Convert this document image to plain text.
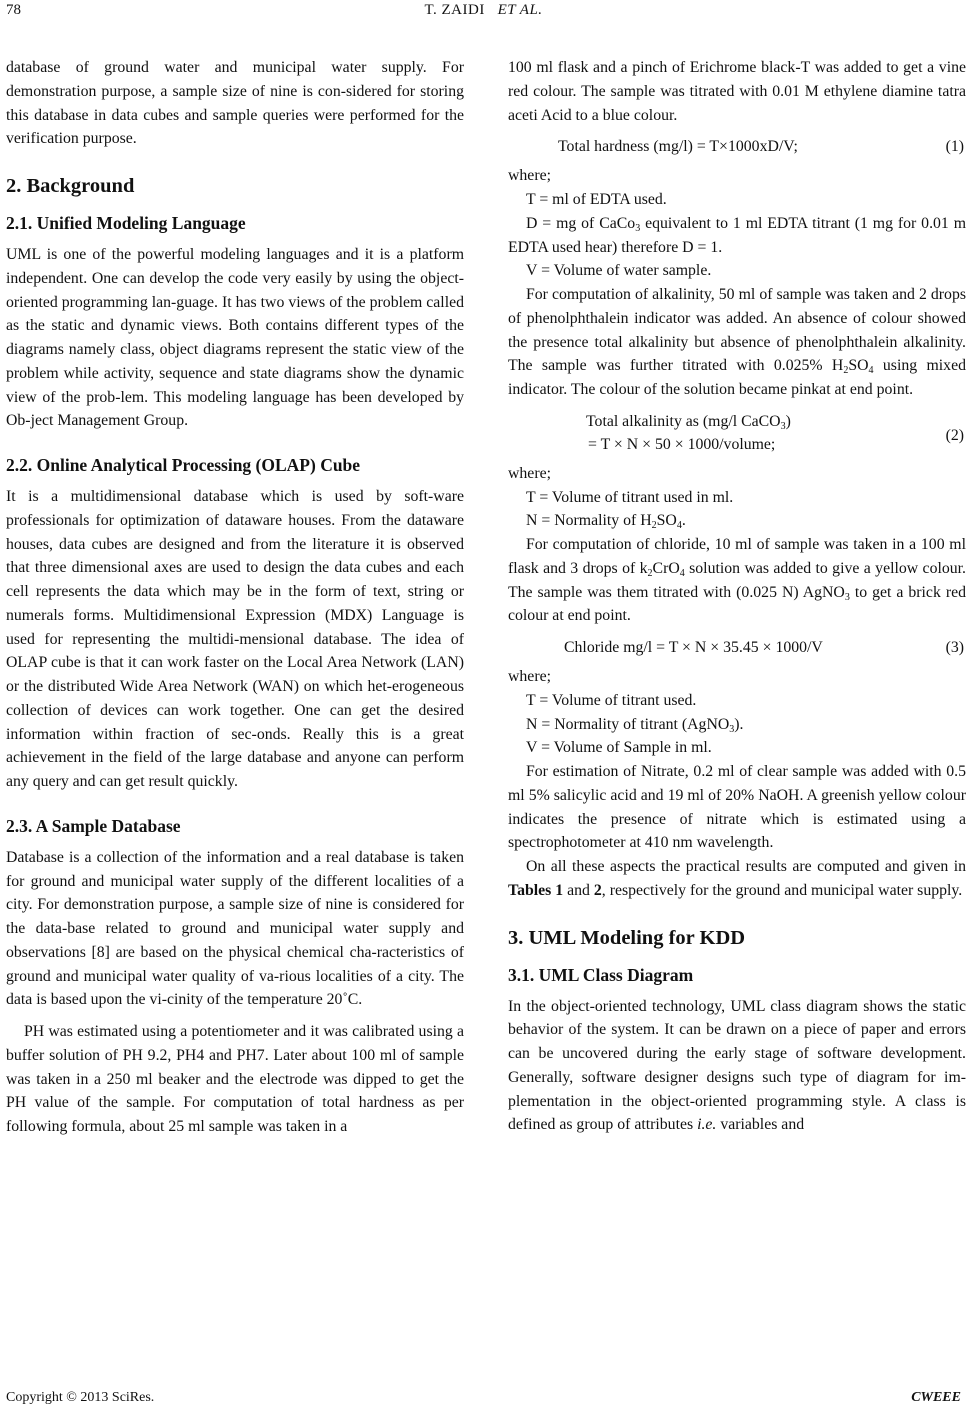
78	T. ZAIDI ET AL.

database of ground water and municipal water supply. For demonstration purpose, a sample size of nine is con-sidered for storing this database in data cubes and sample queries were performed for the verification purpose.

2. Background
2.1. Unified Modeling Language

UML is one of the powerful modeling languages and it is a platform independent. One can develop the code very easily by using the object-oriented programming lan-guage. It has two views of the problem called as the static and dynamic views. Both contains different types of the diagrams namely class, object diagrams represent the static view of the problem while activity, sequence and state diagrams show the dynamic view of the prob-lem. This modeling language has been developed by Ob-ject Management Group.

2.2. Online Analytical Processing (OLAP) Cube

It is a multidimensional database which is used by soft-ware professionals for optimization of dataware houses. From the dataware houses, data cubes are designed and from the literature it is observed that three dimensional axes are used to design the data cubes and each cell represents the data which may be in the form of text, string or numerals forms. Multidimensional Expression (MDX) Language is used for representing the multidi-mensional database. The idea of OLAP cube is that it can work faster on the Local Area Network (LAN) or the distributed Wide Area Network (WAN) on which het-erogeneous collection of devices can work together. One can get the desired information within fraction of sec-onds. Really this is a great achievement in the field of the large database and anyone can perform any query and can get result quickly.

2.3. A Sample Database

Database is a collection of the information and a real database is taken for ground and municipal water supply of the different localities of a city. For demonstration purpose, a sample size of nine is considered for the data-base related to ground and municipal water supply and observations [8] are based on the physical chemical cha-racteristics of ground and municipal water quality of va-rious localities of a city. The data is based upon the vi-cinity of the temperature 20˚C.

PH was estimated using a potentiometer and it was calibrated using a buffer solution of PH 9.2, PH4 and PH7. Later about 100 ml of sample was taken in a 250 ml beaker and the electrode was dipped to get the PH value of the sample. For computation of total hardness as per following formula, about 25 ml sample was taken in a

100 ml flask and a pinch of Erichrome black-T was added to get a vine red colour. The sample was titrated with 0.01 M ethylene diamine tatra aceti Acid to a blue colour.

Total hardness (mg/l) = T×1000xD/V;	(1)

where;

T = ml of EDTA used.

D = mg of CaCo$_3$ equivalent to 1 ml EDTA titrant (1 mg for 0.01 m EDTA used hear) therefore D = 1.

V = Volume of water sample.

For computation of alkalinity, 50 ml of sample was taken and 2 drops of phenolphthalein indicator was added. An absence of colour showed the presence total alkalinity but absence of phenolphthalein alkalinity. The sample was further titrated with 0.025% $H_2SO_4$ using mixed indicator. The colour of the solution became pinkat at end point.

Total alkalinity as (mg/l CaCO$_3$)
= T × N × 50 × 1000/volume;
(2)

where;

T = Volume of titrant used in ml.

N = Normality of $H_2SO_4$.

For computation of chloride, 10 ml of sample was taken in a 100 ml flask and 3 drops of $k_2CrO_4$ solution was added to give a yellow colour. The sample was them titrated with (0.025 N) AgNO$_3$ to get a brick red colour at end point.

Chloride mg/l = T × N × 35.45 × 1000/V	(3)

where;

T = Volume of titrant used.

N = Normality of titrant (AgNO$_3$).

V = Volume of Sample in ml.

For estimation of Nitrate, 0.2 ml of clear sample was added with 0.5 ml 5% salicylic acid and 19 ml of 20% NaOH. A greenish yellow colour indicates the presence of nitrate which is estimated using a spectrophotometer at 410 nm wavelength.

On all these aspects the practical results are computed and given in Tables 1 and 2, respectively for the ground and municipal water supply.

3. UML Modeling for KDD
3.1. UML Class Diagram

In the object-oriented technology, UML class diagram shows the static behavior of the system. It can be drawn on a piece of paper and errors can be uncovered during the early stage of software development. Generally, software designer designs such type of diagram for im-plementation in the object-oriented programming style. A class is defined as group of attributes i.e. variables and

Copyright © 2013 SciRes.	CWEEE
